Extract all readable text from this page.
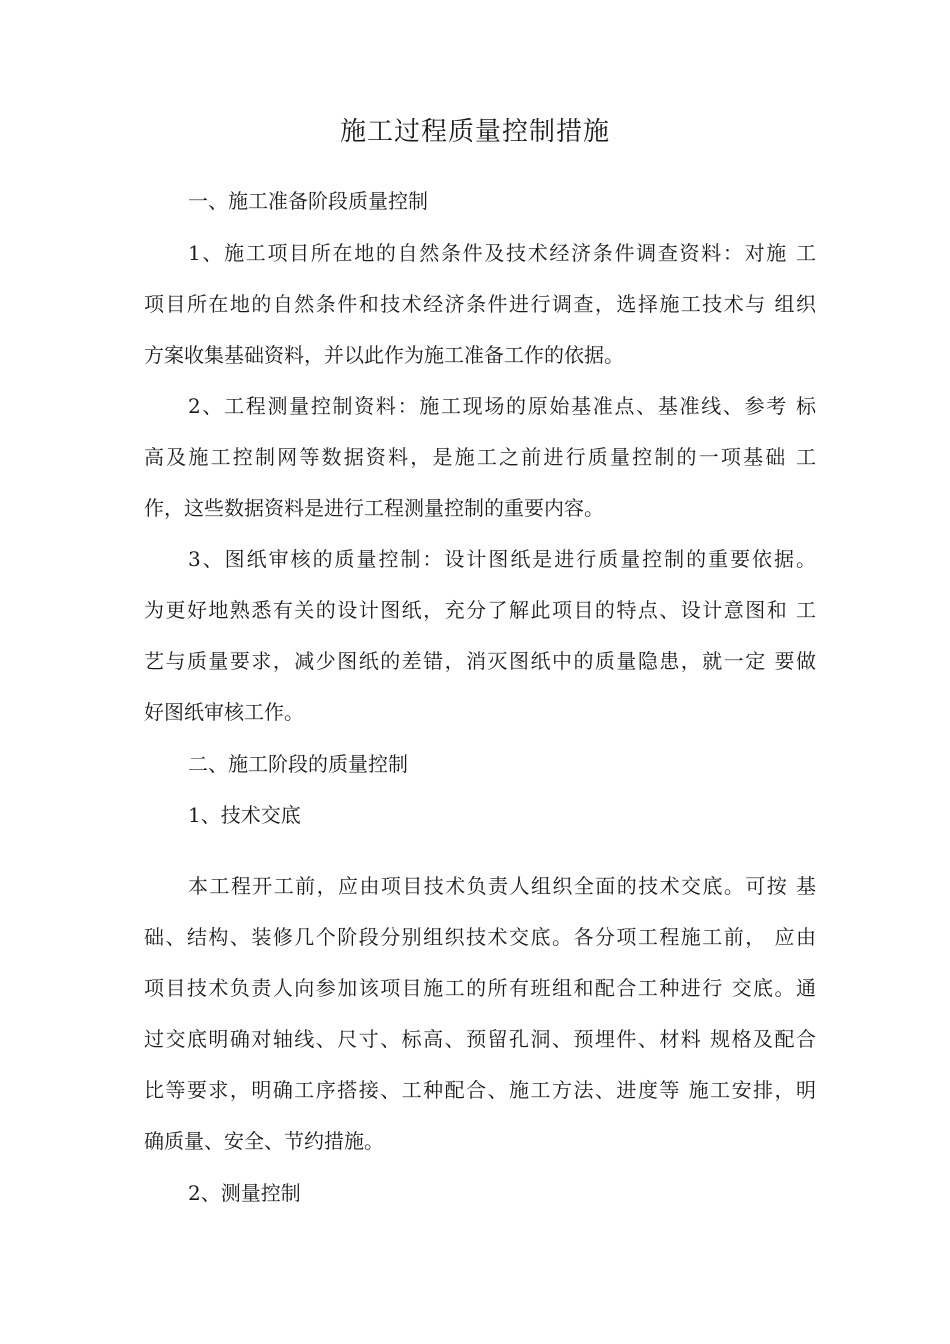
施工过程质量控制措施
一、施工准备阶段质量控制
1、施工项目所在地的自然条件及技术经济条件调查资料：对施 工
项目所在地的自然条件和技术经济条件进行调查，选择施工技术与 组织
方案收集基础资料，并以此作为施工准备工作的依据。
2、工程测量控制资料：施工现场的原始基准点、基准线、参考 标
高及施工控制网等数据资料，是施工之前进行质量控制的一项基础 工
作，这些数据资料是进行工程测量控制的重要内容。
3、图纸审核的质量控制：设计图纸是进行质量控制的重要依据。
为更好地熟悉有关的设计图纸，充分了解此项目的特点、设计意图和 工
艺与质量要求，减少图纸的差错，消灭图纸中的质量隐患，就一定 要做
好图纸审核工作。
二、施工阶段的质量控制
1、技术交底
本工程开工前，应由项目技术负责人组织全面的技术交底。可按 基
础、结构、装修几个阶段分别组织技术交底。各分项工程施工前， 应由
项目技术负责人向参加该项目施工的所有班组和配合工种进行 交底。通
过交底明确对轴线、尺寸、标高、预留孔洞、预埋件、材料 规格及配合
比等要求，明确工序搭接、工种配合、施工方法、进度等 施工安排，明
确质量、安全、节约措施。
2、测量控制
